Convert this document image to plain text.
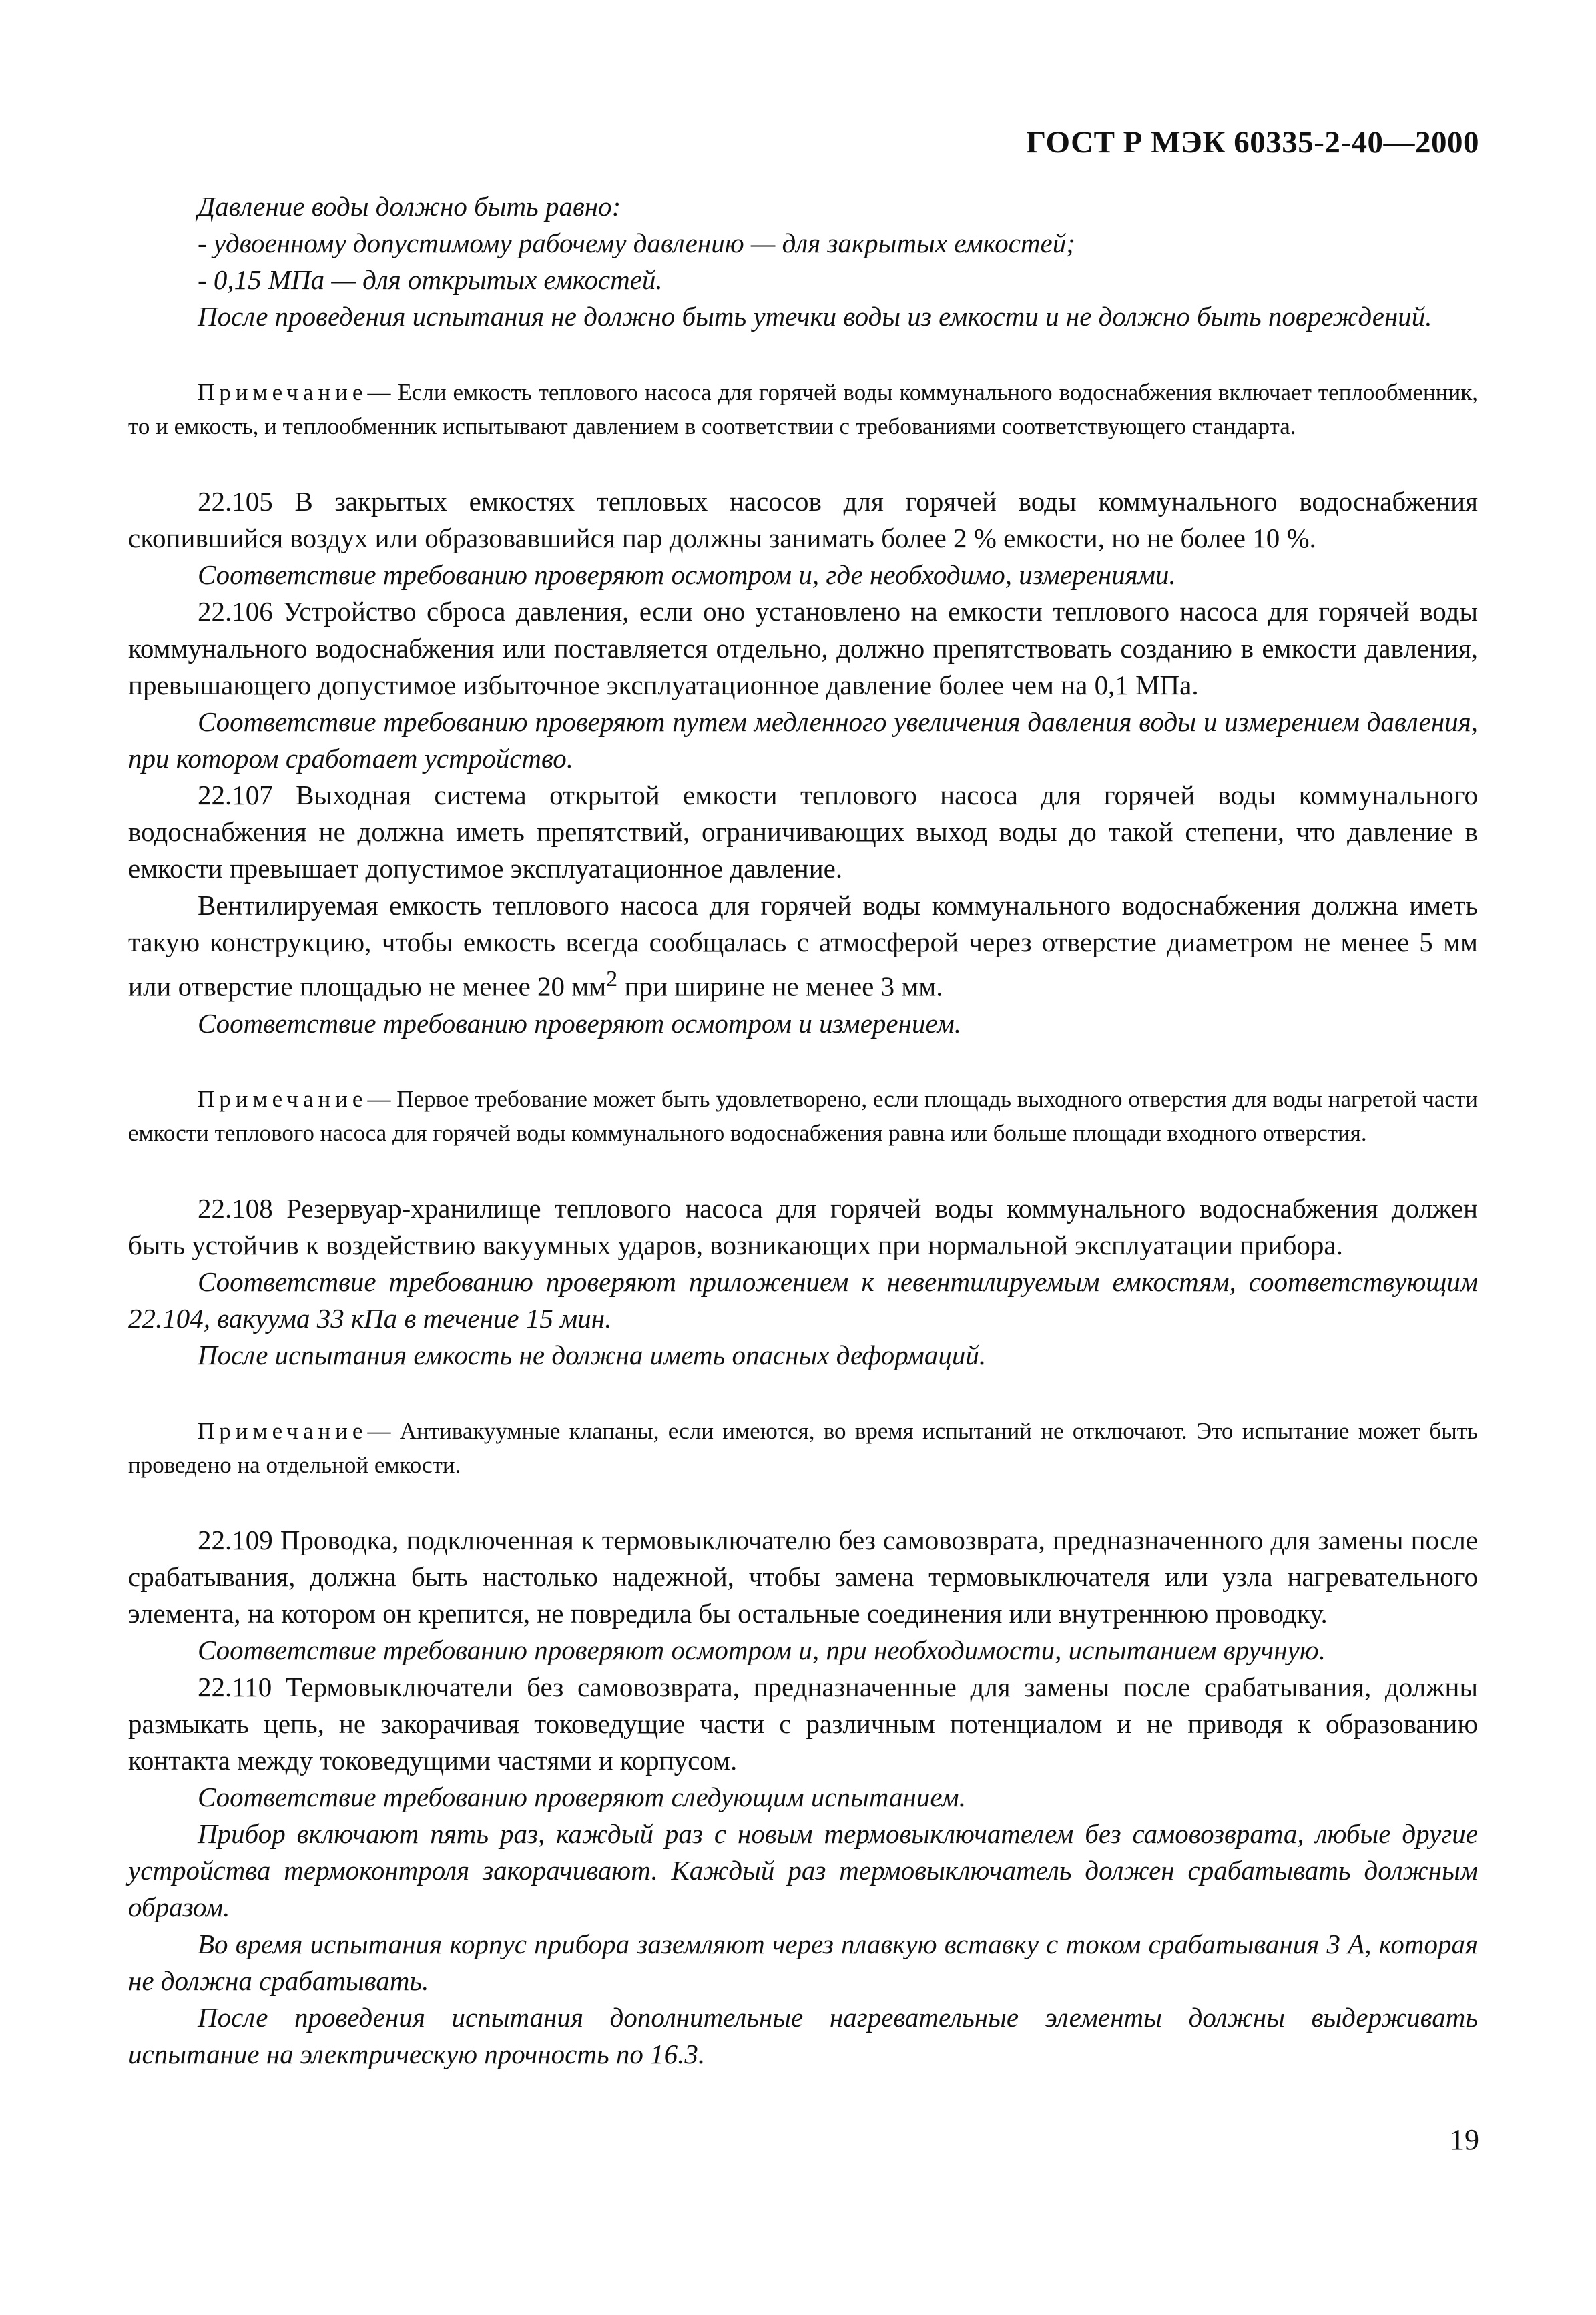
ГОСТ Р МЭК 60335-2-40—2000

Давление воды должно быть равно:

- удвоенному допустимому рабочему давлению — для закрытых емкостей;

- 0,15 МПа — для открытых емкостей.

После проведения испытания не должно быть утечки воды из емкости и не должно быть повреждений.

Примечание— Если емкость теплового насоса для горячей воды коммунального водоснабжения включает теплообменник, то и емкость, и теплообменник испытывают давлением в соответствии с требованиями соответствующего стандарта.

22.105 В закрытых емкостях тепловых насосов для горячей воды коммунального водоснабжения скопившийся воздух или образовавшийся пар должны занимать более 2 % емкости, но не более 10 %.

Соответствие требованию проверяют осмотром и, где необходимо, измерениями.

22.106 Устройство сброса давления, если оно установлено на емкости теплового насоса для горячей воды коммунального водоснабжения или поставляется отдельно, должно препятствовать созданию в емкости давления, превышающего допустимое избыточное эксплуатационное давление более чем на 0,1 МПа.

Соответствие требованию проверяют путем медленного увеличения давления воды и измерением давления, при котором сработает устройство.

22.107 Выходная система открытой емкости теплового насоса для горячей воды коммунального водоснабжения не должна иметь препятствий, ограничивающих выход воды до такой степени, что давление в емкости превышает допустимое эксплуатационное давление.

Вентилируемая емкость теплового насоса для горячей воды коммунального водоснабжения должна иметь такую конструкцию, чтобы емкость всегда сообщалась с атмосферой через отверстие диаметром не менее 5 мм или отверстие площадью не менее 20 $мм^2$ при ширине не менее 3 мм.

Соответствие требованию проверяют осмотром и измерением.

Примечание— Первое требование может быть удовлетворено, если площадь выходного отверстия для воды нагретой части емкости теплового насоса для горячей воды коммунального водоснабжения равна или больше площади входного отверстия.

22.108 Резервуар-хранилище теплового насоса для горячей воды коммунального водоснабжения должен быть устойчив к воздействию вакуумных ударов, возникающих при нормальной эксплуатации прибора.

Соответствие требованию проверяют приложением к невентилируемым емкостям, соответствующим 22.104, вакуума 33 кПа в течение 15 мин.

После испытания емкость не должна иметь опасных деформаций.

Примечание— Антивакуумные клапаны, если имеются, во время испытаний не отключают. Это испытание может быть проведено на отдельной емкости.

22.109 Проводка, подключенная к термовыключателю без самовозврата, предназначенного для замены после срабатывания, должна быть настолько надежной, чтобы замена термовыключателя или узла нагревательного элемента, на котором он крепится, не повредила бы остальные соединения или внутреннюю проводку.

Соответствие требованию проверяют осмотром и, при необходимости, испытанием вручную.

22.110 Термовыключатели без самовозврата, предназначенные для замены после срабатывания, должны размыкать цепь, не закорачивая токоведущие части с различным потенциалом и не приводя к образованию контакта между токоведущими частями и корпусом.

Соответствие требованию проверяют следующим испытанием.

Прибор включают пять раз, каждый раз с новым термовыключателем без самовозврата, любые другие устройства термоконтроля закорачивают. Каждый раз термовыключатель должен срабатывать должным образом.

Во время испытания корпус прибора заземляют через плавкую вставку с током срабатывания 3 А, которая не должна срабатывать.

После проведения испытания дополнительные нагревательные элементы должны выдерживать испытание на электрическую прочность по 16.3.

19
